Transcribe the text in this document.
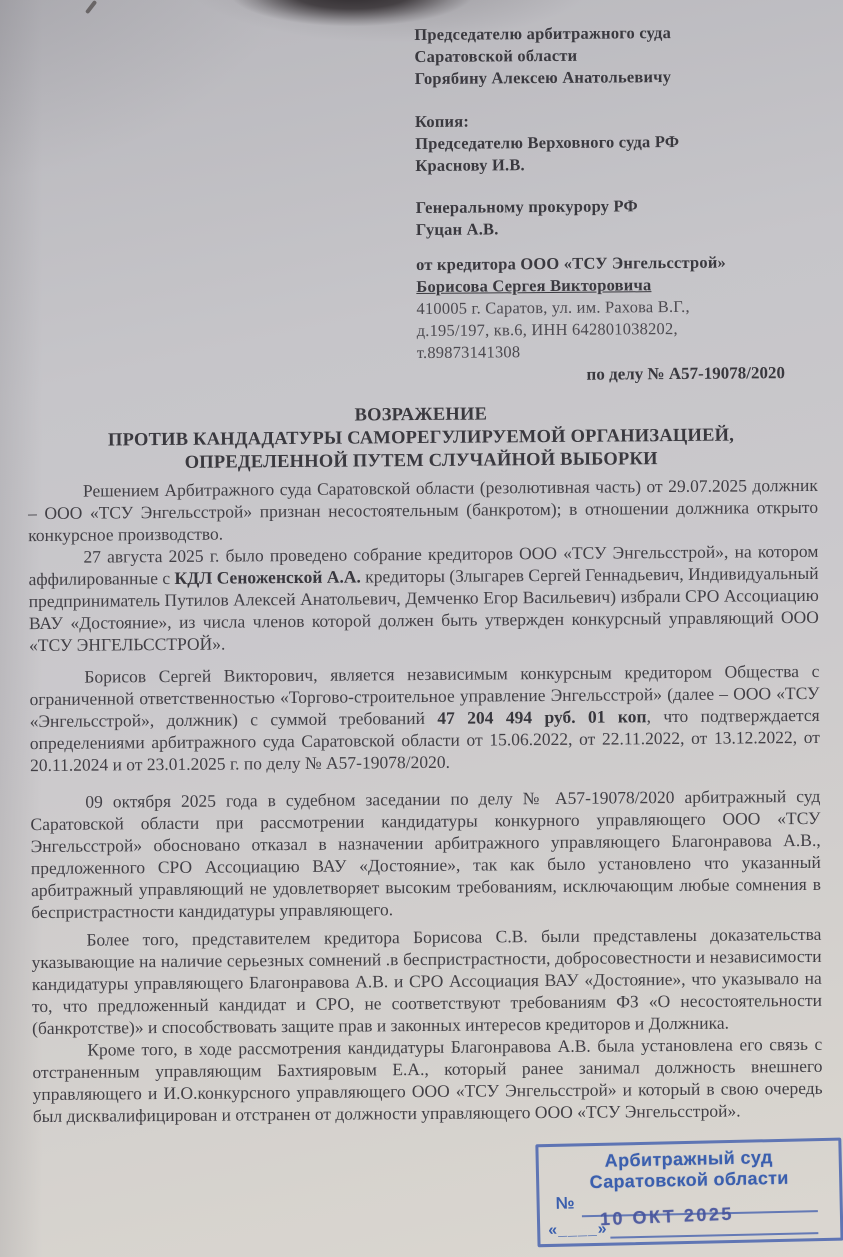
Председателю арбитражного суда
Саратовской области
Горябину Алексею Анатольевичу
Копия:
Председателю Верховного суда РФ
Краснову И.В.
Генеральному прокурору РФ
Гуцан А.В.
от кредитора ООО «ТСУ Энгельсстрой»
Борисова Сергея Викторовича
410005 г. Саратов, ул. им. Рахова В.Г.,
д.195/197, кв.6, ИНН 642801038202,
т.89873141308
по делу № А57-19078/2020
ВОЗРАЖЕНИЕ
ПРОТИВ КАНДАДАТУРЫ САМОРЕГУЛИРУЕМОЙ ОРГАНИЗАЦИЕЙ,
ОПРЕДЕЛЕННОЙ ПУТЕМ СЛУЧАЙНОЙ ВЫБОРКИ

Решением Арбитражного суда Саратовской области (резолютивная часть) от 29.07.2025 должник – ООО «ТСУ Энгельсстрой» признан несостоятельным (банкротом); в отношении должника открыто конкурсное производство.

27 августа 2025 г. было проведено собрание кредиторов ООО «ТСУ Энгельсстрой», на котором аффилированные с КДЛ Сеноженской А.А. кредиторы (Злыгарев Сергей Геннадьевич, Индивидуальный предприниматель Путилов Алексей Анатольевич, Демченко Егор Васильевич) избрали СРО Ассоциацию ВАУ «Достояние», из числа членов которой должен быть утвержден конкурсный управляющий ООО «ТСУ ЭНГЕЛЬССТРОЙ».

Борисов Сергей Викторович, является независимым конкурсным кредитором Общества с ограниченной ответственностью «Торгово-строительное управление Энгельсстрой» (далее – ООО «ТСУ «Энгельсстрой», должник) с суммой требований 47 204 494 руб. 01 коп, что подтверждается определениями арбитражного суда Саратовской области от 15.06.2022, от 22.11.2022, от 13.12.2022, от 20.11.2024 и от 23.01.2025 г. по делу № А57-19078/2020.

09 октября 2025 года в судебном заседании по делу № А57-19078/2020 арбитражный суд Саратовской области при рассмотрении кандидатуры конкурного управляющего ООО «ТСУ Энгельсстрой» обосновано отказал в назначении арбитражного управляющего Благонравова А.В., предложенного СРО Ассоциацию ВАУ «Достояние», так как было установлено что указанный арбитражный управляющий не удовлетворяет высоким требованиям, исключающим любые сомнения в беспристрастности кандидатуры управляющего.

Более того, представителем кредитора Борисова С.В. были представлены доказательства указывающие на наличие серьезных сомнений .в беспристрастности, добросовестности и независимости кандидатуры управляющего Благонравова А.В. и СРО Ассоциация ВАУ «Достояние», что указывало на то, что предложенный кандидат и СРО, не соответствуют требованиям ФЗ «О несостоятельности (банкротстве)» и способствовать защите прав и законных интересов кредиторов и Должника.

Кроме того, в ходе рассмотрения кандидатуры Благонравова А.В. была установлена его связь с отстраненным управляющим Бахтияровым Е.А., который ранее занимал должность внешнего управляющего и И.О.конкурсного управляющего ООО «ТСУ Энгельсстрой» и который в свою очередь был дисквалифицирован и отстранен от должности управляющего ООО «ТСУ Энгельсстрой».

Арбитражный суд
Саратовской области
№
10 ОКТ 2025
«____»
